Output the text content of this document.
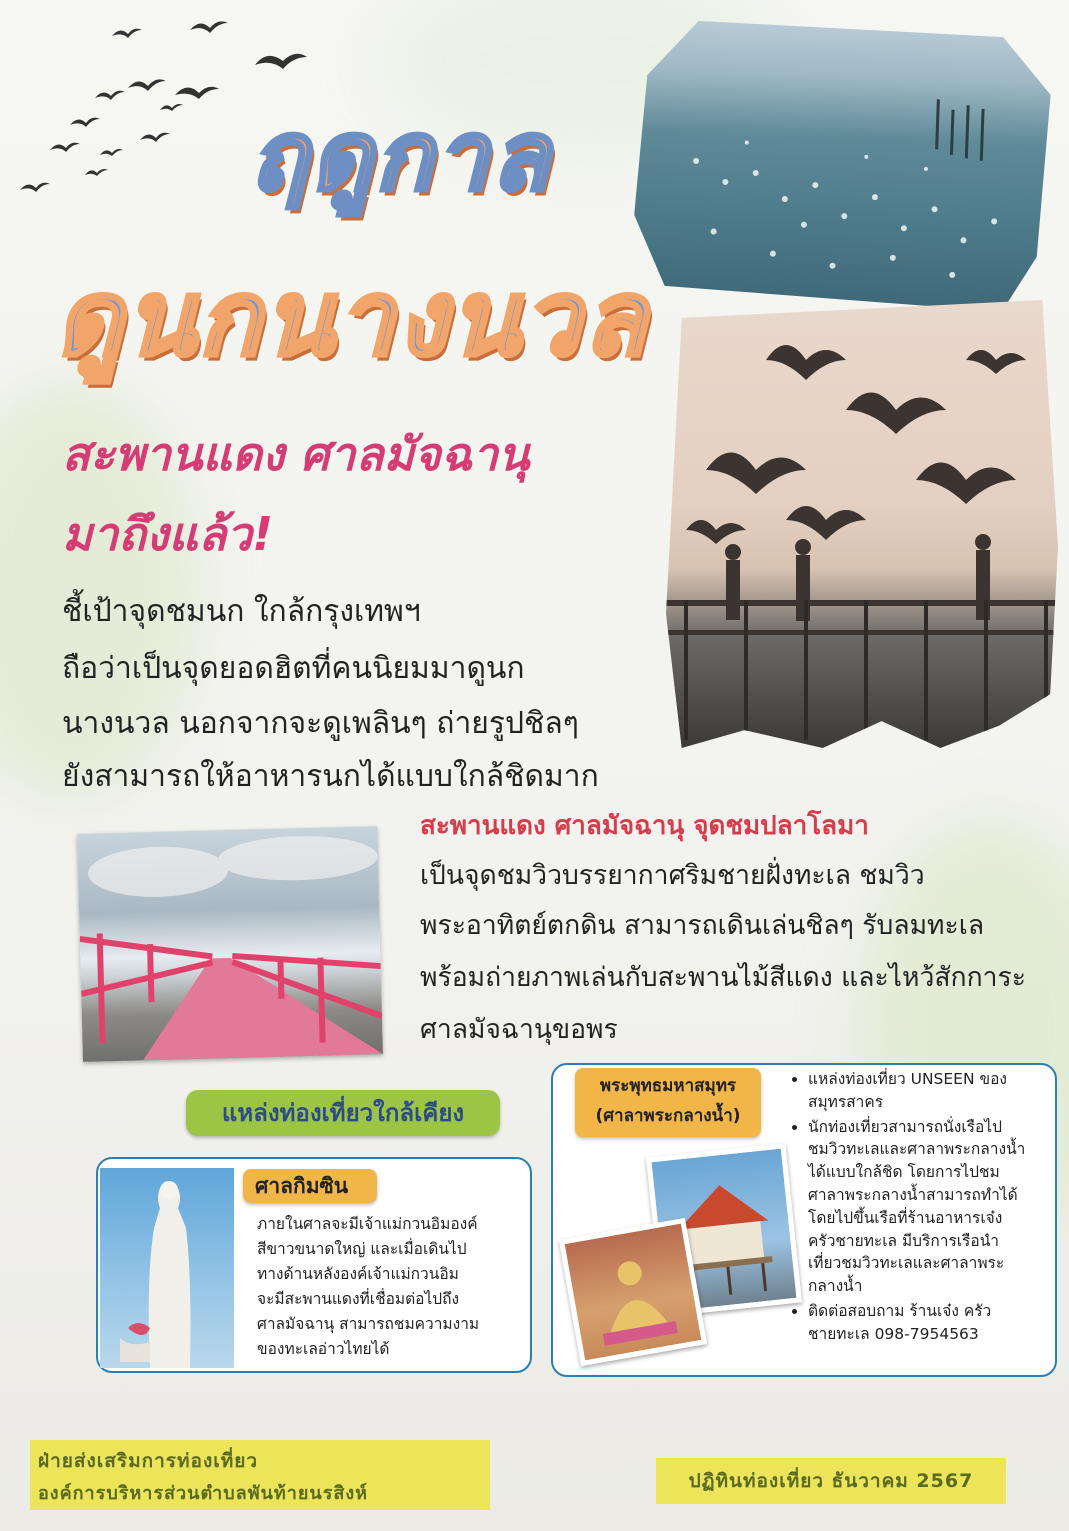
ฤดูกาล
ดูนกนางนวล
สะพานแดง ศาลมัจฉานุ
มาถึงแล้ว!
ชี้เป้าจุดชมนก ใกล้กรุงเทพฯ
ถือว่าเป็นจุดยอดฮิตที่คนนิยมมาดูนก
นางนวล นอกจากจะดูเพลินๆ ถ่ายรูปชิลๆ
ยังสามารถให้อาหารนกได้แบบใกล้ชิดมาก
สะพานแดง ศาลมัจฉานุ จุดชมปลาโลมา
เป็นจุดชมวิวบรรยากาศริมชายฝั่งทะเล ชมวิว
พระอาทิตย์ตกดิน สามารถเดินเล่นชิลๆ รับลมทะเล
พร้อมถ่ายภาพเล่นกับสะพานไม้สีแดง และไหว้สักการะ
ศาลมัจฉานุขอพร
แหล่งท่องเที่ยวใกล้เคียง
ศาลกิมซิน
ภายในศาลจะมีเจ้าแม่กวนอิมองค์
สีขาวขนาดใหญ่ และเมื่อเดินไป
ทางด้านหลังองค์เจ้าแม่กวนอิม
จะมีสะพานแดงที่เชื่อมต่อไปถึง
ศาลมัจฉานุ สามารถชมความงาม
ของทะเลอ่าวไทยได้
พระพุทธมหาสมุทร
(ศาลาพระกลางน้ำ)
• แหล่งท่องเที่ยว UNSEEN ของ
สมุทรสาคร
• นักท่องเที่ยวสามารถนั่งเรือไป
ชมวิวทะเลและศาลาพระกลางน้ำ
ได้แบบใกล้ชิด โดยการไปชม
ศาลาพระกลางน้ำสามารถทำได้
โดยไปขึ้นเรือที่ร้านอาหารเจ๋ง
ครัวชายทะเล มีบริการเรือนำ
เที่ยวชมวิวทะเลและศาลาพระ
กลางน้ำ
• ติดต่อสอบถาม ร้านเจ๋ง ครัว
ชายทะเล 098-7954563
ฝ่ายส่งเสริมการท่องเที่ยว
องค์การบริหารส่วนตำบลพันท้ายนรสิงห์
ปฏิทินท่องเที่ยว ธันวาคม 2567
